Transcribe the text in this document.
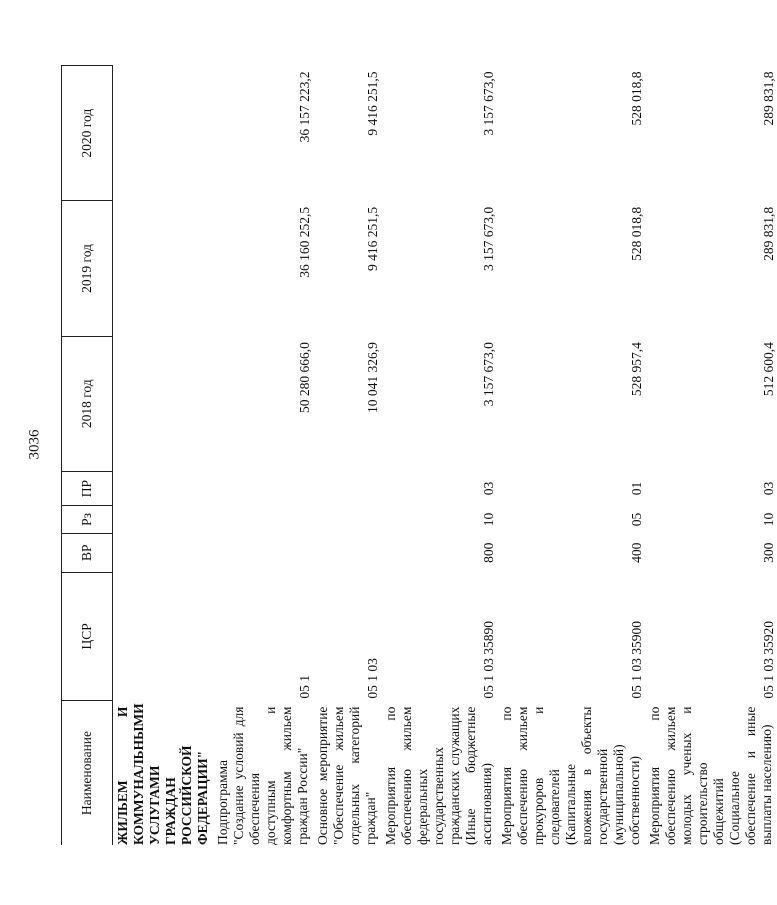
3036
Наименование	ЦСР	ВР	Рз	ПР	2018 год	2019 год	2020 год
ЖИЛЬЕМ И КОММУНАЛЬНЫМИ УСЛУГАМИ ГРАЖДАН РОССИЙСКОЙ ФЕДЕРАЦИИ"							
Подпрограмма "Создание условий для обеспечения доступным и комфортным жильем граждан России"	05 1				50 280 666,0	36 160 252,5	36 157 223,2
Основное мероприятие "Обеспечение жильем отдельных категорий граждан"	05 1 03				10 041 326,9	9 416 251,5	9 416 251,5
Мероприятия по обеспечению жильем федеральных государственных гражданских служащих (Иные бюджетные ассигнования)	05 1 03 35890	800	10	03	3 157 673,0	3 157 673,0	3 157 673,0
Мероприятия по обеспечению жильем прокуроров и следователей (Капитальные вложения в объекты государственной (муниципальной) собственности)	05 1 03 35900	400	05	01	528 957,4	528 018,8	528 018,8
Мероприятия по обеспечению жильем молодых ученых и строительство общежитий (Социальное обеспечение и иные выплаты населению)	05 1 03 35920	300	10	03	512 600,4	289 831,8	289 831,8
